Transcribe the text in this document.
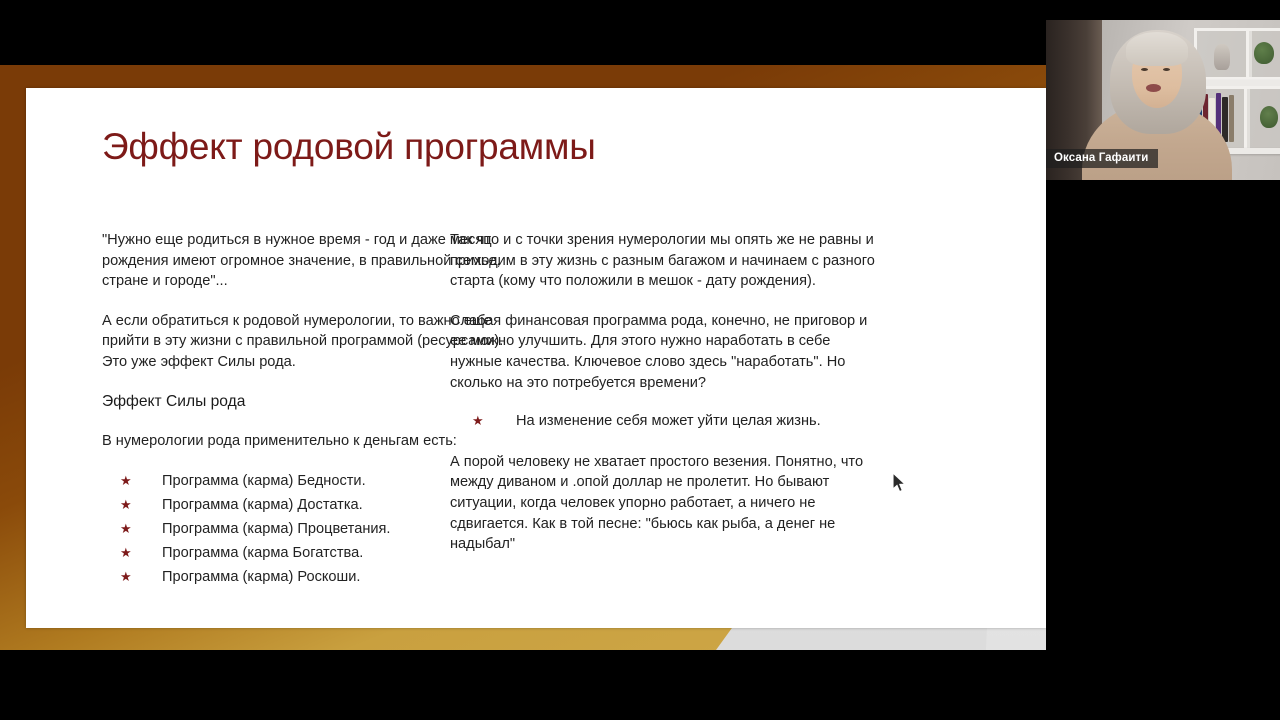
Эффект родовой программы

"Нужно еще родиться в нужное время - год и даже месяц рождения имеют огромное значение, в правильной семье, стране и городе"...

А если обратиться к родовой нумерологии, то важно еще прийти в эту жизни с правильной программой (ресурсами). Это уже эффект Силы рода.

Эффект Силы рода

В нумерологии рода применительно к деньгам есть:

★ Программа (карма) Бедности.
★ Программа (карма) Достатка.
★ Программа (карма) Процветания.
★ Программа (карма Богатства.
★ Программа (карма) Роскоши.

Так что и с точки зрения нумерологии мы опять же не равны и приходим в эту жизнь с разным багажом и начинаем с разного старта (кому что положили в мешок - дату рождения).

Слабая финансовая программа рода, конечно, не приговор и ее можно улучшить. Для этого нужно наработать в себе нужные качества. Ключевое слово здесь "наработать". Но сколько на это потребуется времени?

★ На изменение себя может уйти целая жизнь.

А порой человеку не хватает простого везения. Понятно, что между диваном и .опой доллар не пролетит. Но бывают ситуации, когда человек упорно работает, а ничего не сдвигается. Как в той песне: "бьюсь как рыба, а денег не надыбал"

Оксана Гафаити
